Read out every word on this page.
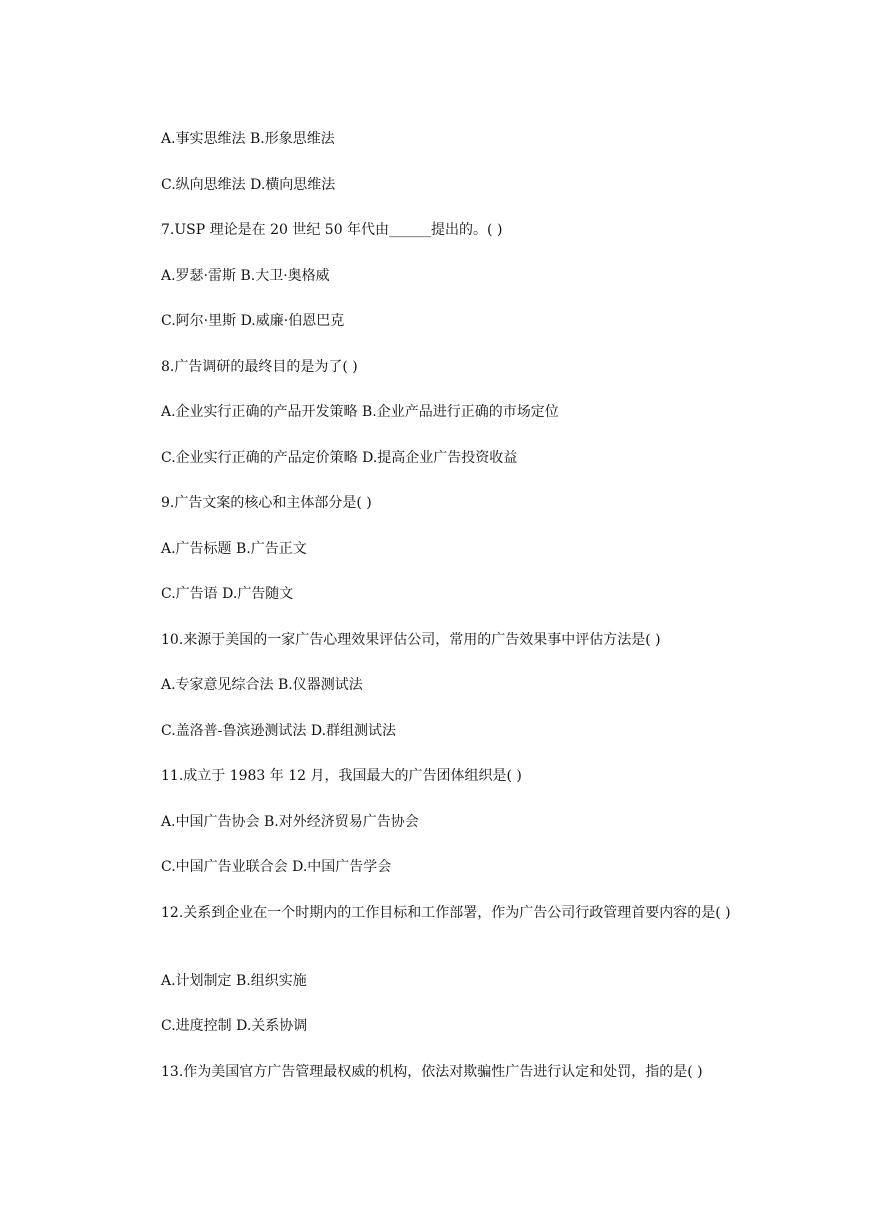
A.事实思维法 B.形象思维法
C.纵向思维法 D.横向思维法
7.USP 理论是在 20 世纪 50 年代由______提出的。( )
A.罗瑟·雷斯 B.大卫·奥格威
C.阿尔·里斯 D.威廉·伯恩巴克
8.广告调研的最终目的是为了( )
A.企业实行正确的产品开发策略 B.企业产品进行正确的市场定位
C.企业实行正确的产品定价策略 D.提高企业广告投资收益
9.广告文案的核心和主体部分是( )
A.广告标题 B.广告正文
C.广告语 D.广告随文
10.来源于美国的一家广告心理效果评估公司，常用的广告效果事中评估方法是( )
A.专家意见综合法 B.仪器测试法
C.盖洛普-鲁滨逊测试法 D.群组测试法
11.成立于 1983 年 12 月，我国最大的广告团体组织是( )
A.中国广告协会 B.对外经济贸易广告协会
C.中国广告业联合会 D.中国广告学会
12.关系到企业在一个时期内的工作目标和工作部署，作为广告公司行政管理首要内容的是( )
A.计划制定 B.组织实施
C.进度控制 D.关系协调
13.作为美国官方广告管理最权威的机构，依法对欺骗性广告进行认定和处罚，指的是( )
